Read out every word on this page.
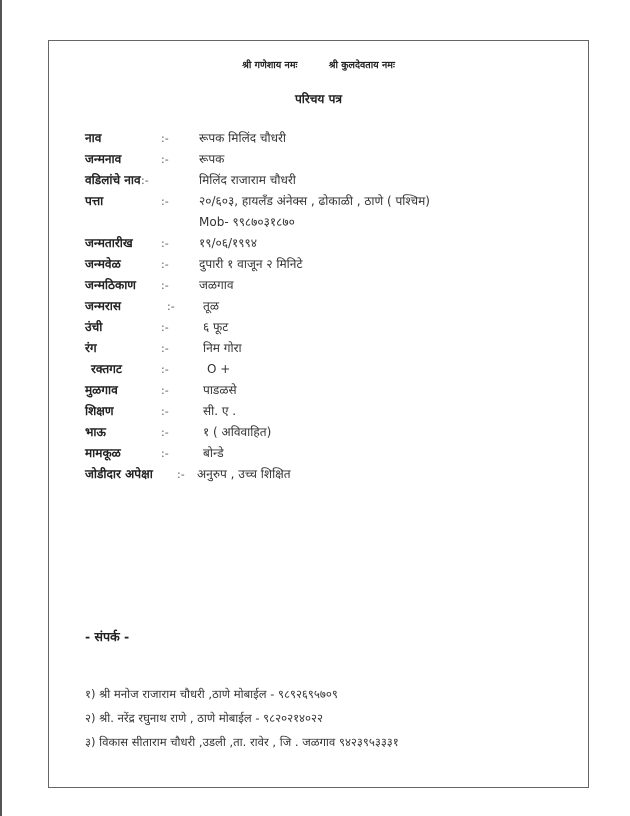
श्री गणेशाय नमः	श्री कुलदेवताय नमः
परिचय पत्र
नाव	:-	रूपक मिलिंद चौधरी
जन्मनाव	:-	रूपक
वडिलांचे नाव :-	मिलिंद राजाराम चौधरी
पत्ता	:-	२०/६०३, हायलँड अंनेक्स , ढोकाळी , ठाणे ( पश्चिम)
Mob- ९९८७०३१८७०
जन्मतारीख	:-	१९/०६/१९९४
जन्मवेळ	:-	दुपारी १ वाजून २ मिनिटे
जन्मठिकाण :-	जळगाव
जन्मरास	:- तूळ
उंची	:-	६ फूट
रंग	:-	निम गोरा
रक्तगट	:-	O +
मुळगाव	:-	पाडळसे
शिक्षण	:-	सी. ए .
भाऊ	:-	१ ( अविवाहित)
मामकूळ	:-	बोन्डे
जोडीदार अपेक्षा :- अनुरुप , उच्च शिक्षित
- संपर्क -
१) श्री मनोज राजाराम चौधरी ,ठाणे मोबाईल - ९८९२६९५७०९
२) श्री. नरेंद्र रघुनाथ राणे , ठाणे मोबाईल - ९८२०२१४०२२
३) विकास सीताराम चौधरी ,उडली ,ता. रावेर , जि . जळगाव ९४२३९५३३३१
